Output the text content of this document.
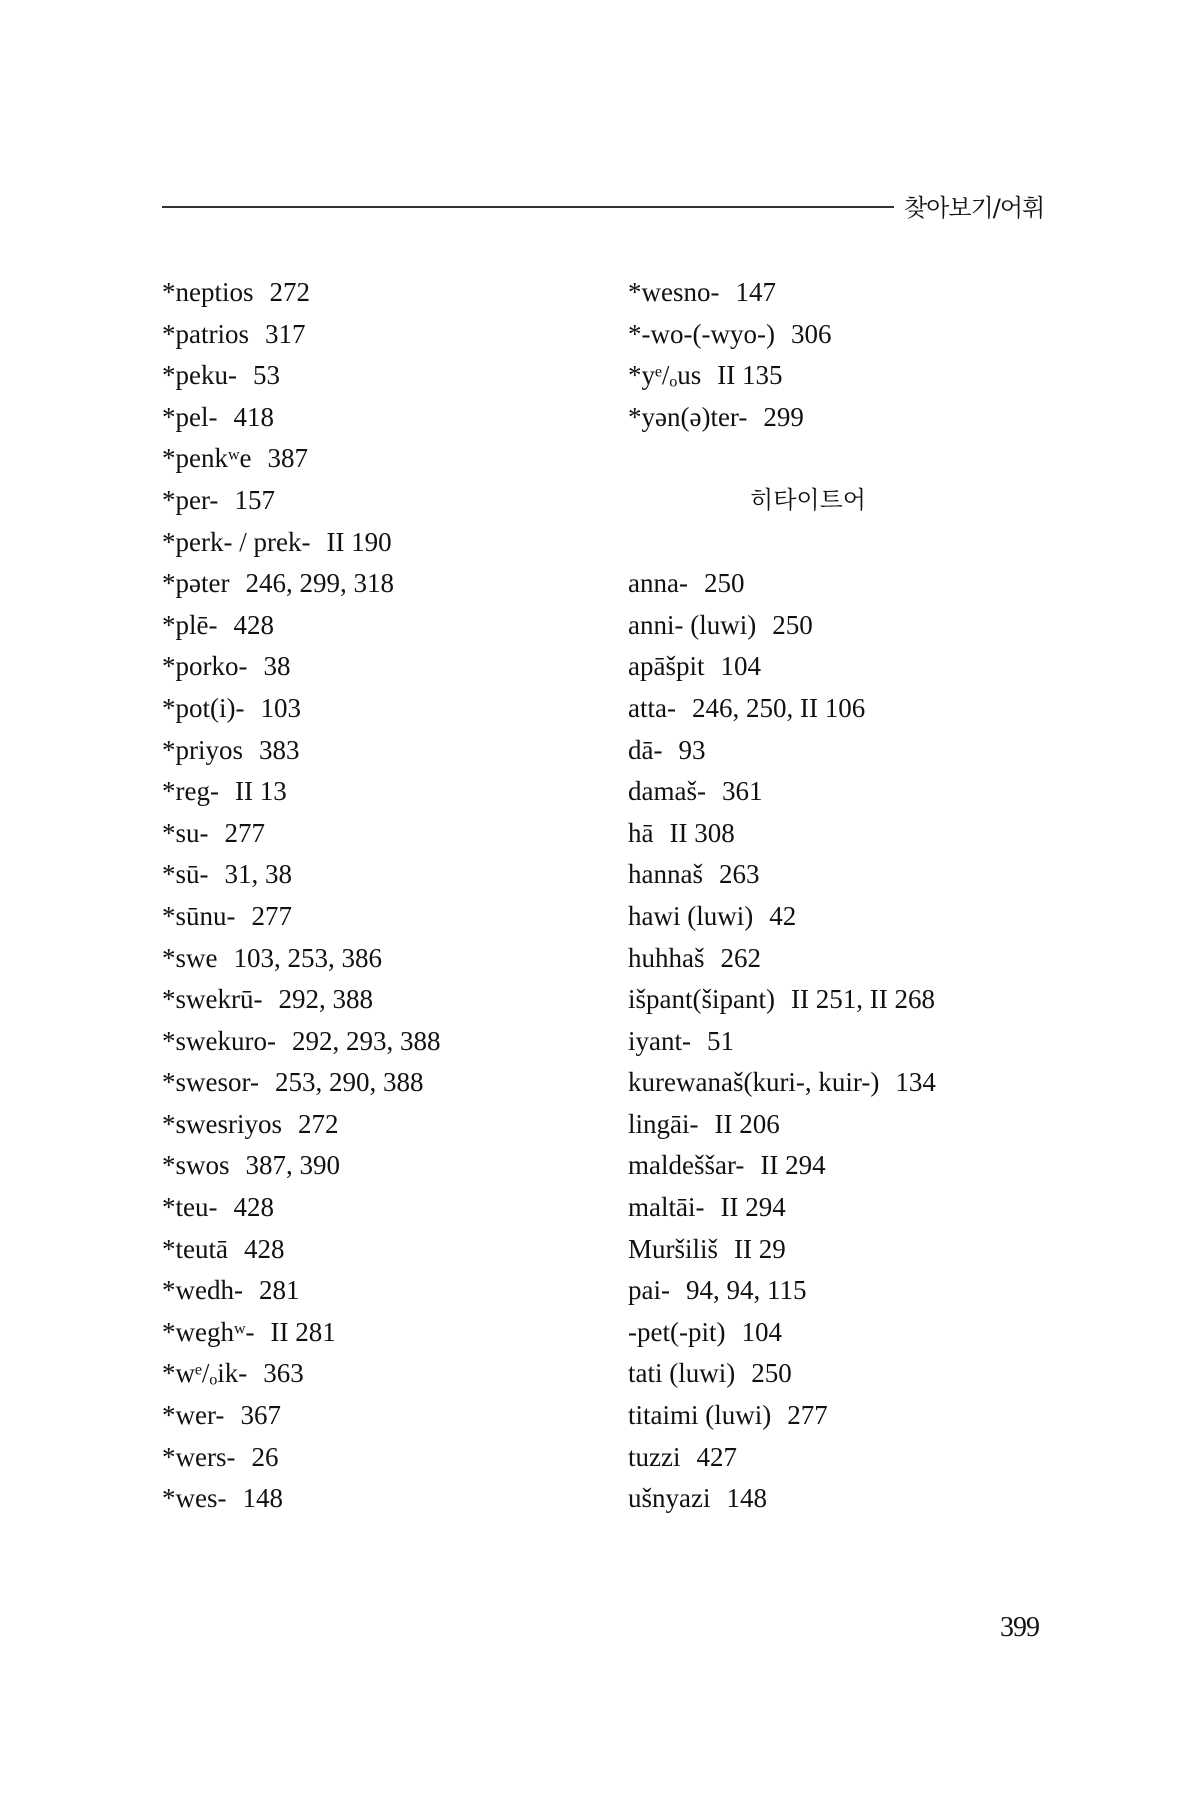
찾아보기/어휘
*neptios 272
*patrios 317
*peku- 53
*pel- 418
*penkʷe 387
*per- 157
*perk- / prek- II 190
*pəter 246, 299, 318
*plē- 428
*porko- 38
*pot(i)- 103
*priyos 383
*reg- II 13
*su- 277
*sū- 31, 38
*sūnu- 277
*swe 103, 253, 386
*swekrū- 292, 388
*swekuro- 292, 293, 388
*swesor- 253, 290, 388
*swesriyos 272
*swos 387, 390
*teu- 428
*teutā 428
*wedh- 281
*weghʷ- II 281
*wᵉ/ₒik- 363
*wer- 367
*wers- 26
*wes- 148
*wesno- 147
*-wo-(-wyo-) 306
*yᵉ/ₒus II 135
*yən(ə)ter- 299
히타이트어
anna- 250
anni- (luwi) 250
apāšpit 104
atta- 246, 250, II 106
dā- 93
damaš- 361
hā II 308
hannaš 263
hawi (luwi) 42
huhhaš 262
išpant(šipant) II 251, II 268
iyant- 51
kurewanaš(kuri-, kuir-) 134
lingāi- II 206
maldeššar- II 294
maltāi- II 294
Muršiliš II 29
pai- 94, 94, 115
-pet(-pit) 104
tati (luwi) 250
titaimi (luwi) 277
tuzzi 427
ušnyazi 148
399
